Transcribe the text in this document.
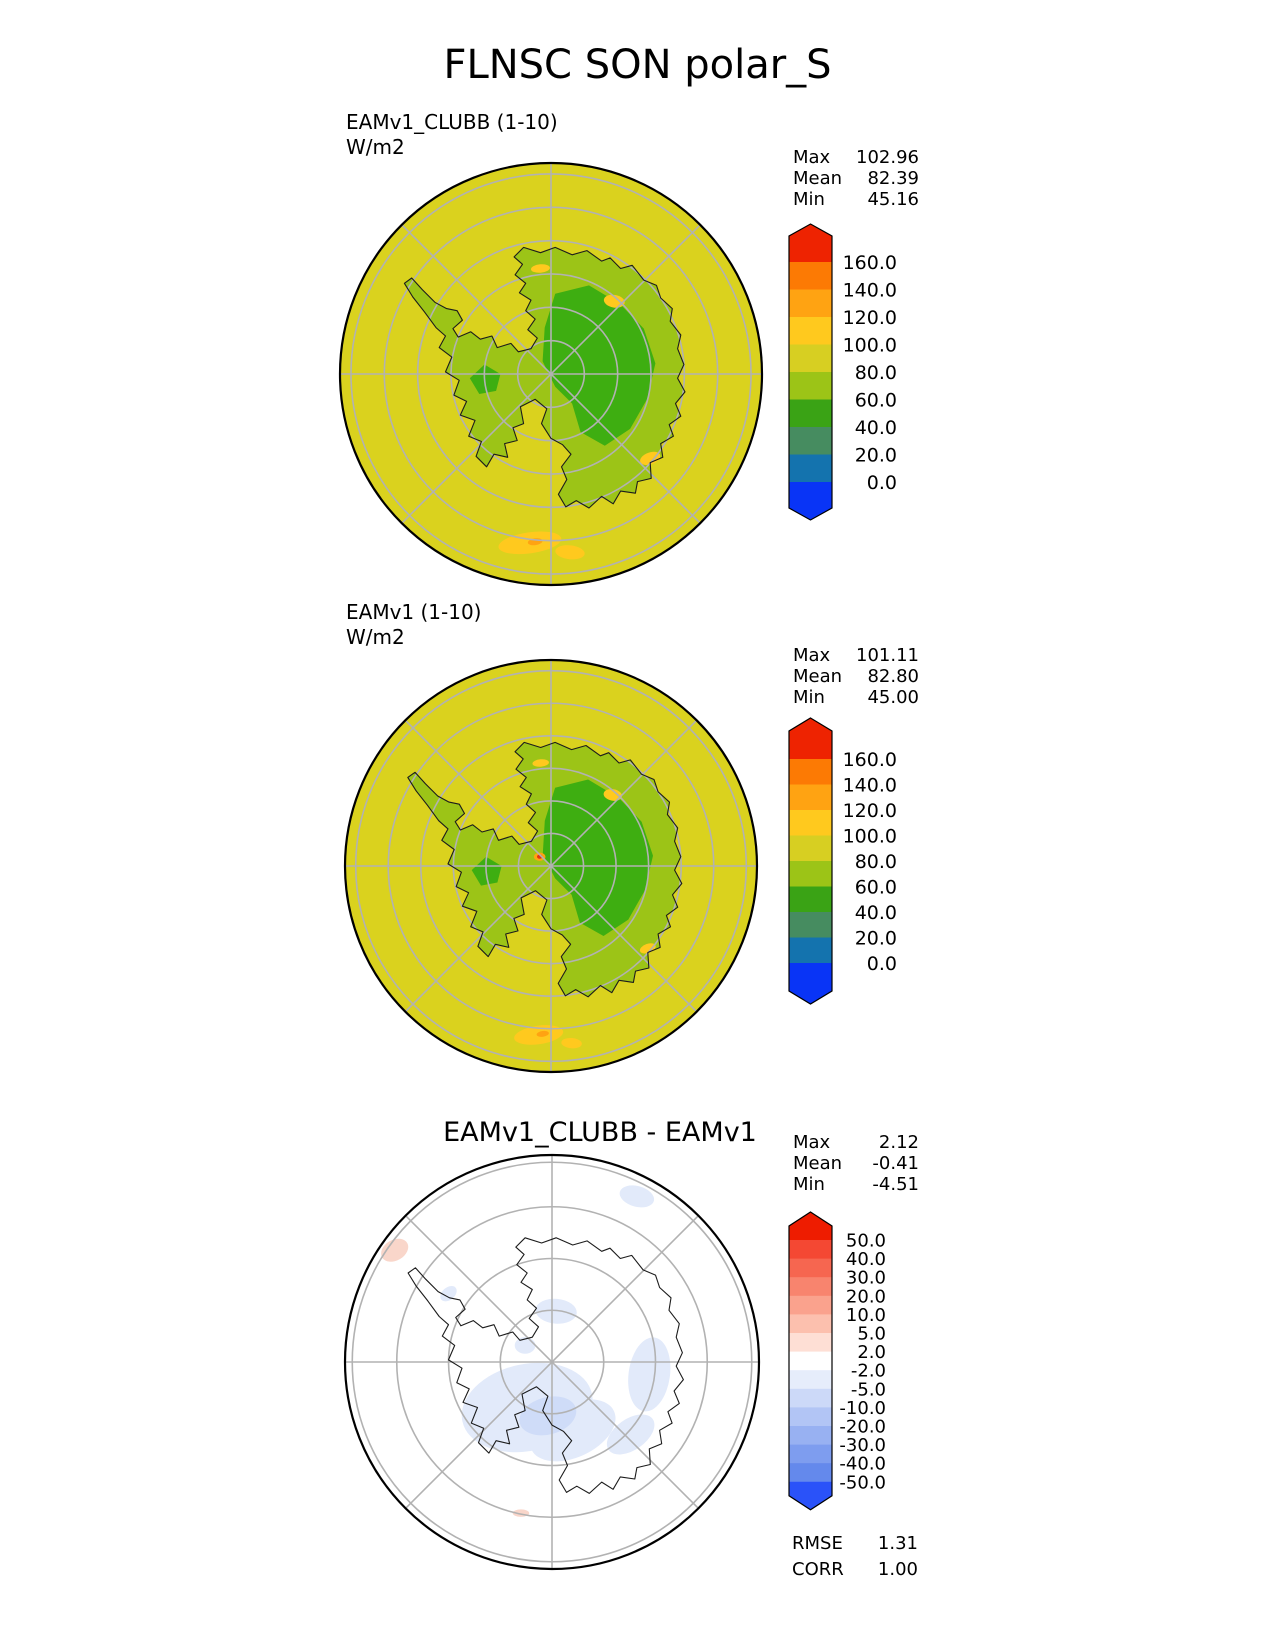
160.0
140.0
120.0
100.0
80.0
60.0
40.0
20.0
0.0
160.0
140.0
120.0
100.0
80.0
60.0
40.0
20.0
0.0
50.0
40.0
30.0
20.0
10.0
5.0
2.0
-2.0
-5.0
-10.0
-20.0
-30.0
-40.0
-50.0
FLNSC SON polar_S
EAMv1_CLUBB (1-10)
W/m2	Max 102.96
Mean 82.39
Min 45.16
EAMv1 (1-10)
W/m2
Max 101.11
Mean 82.80
Min 45.00
EAMv1_CLUBB - EAMv1	Max	2.12
Mean -0.41
Min	-4.51
RMSE 1.31
CORR 1.00
